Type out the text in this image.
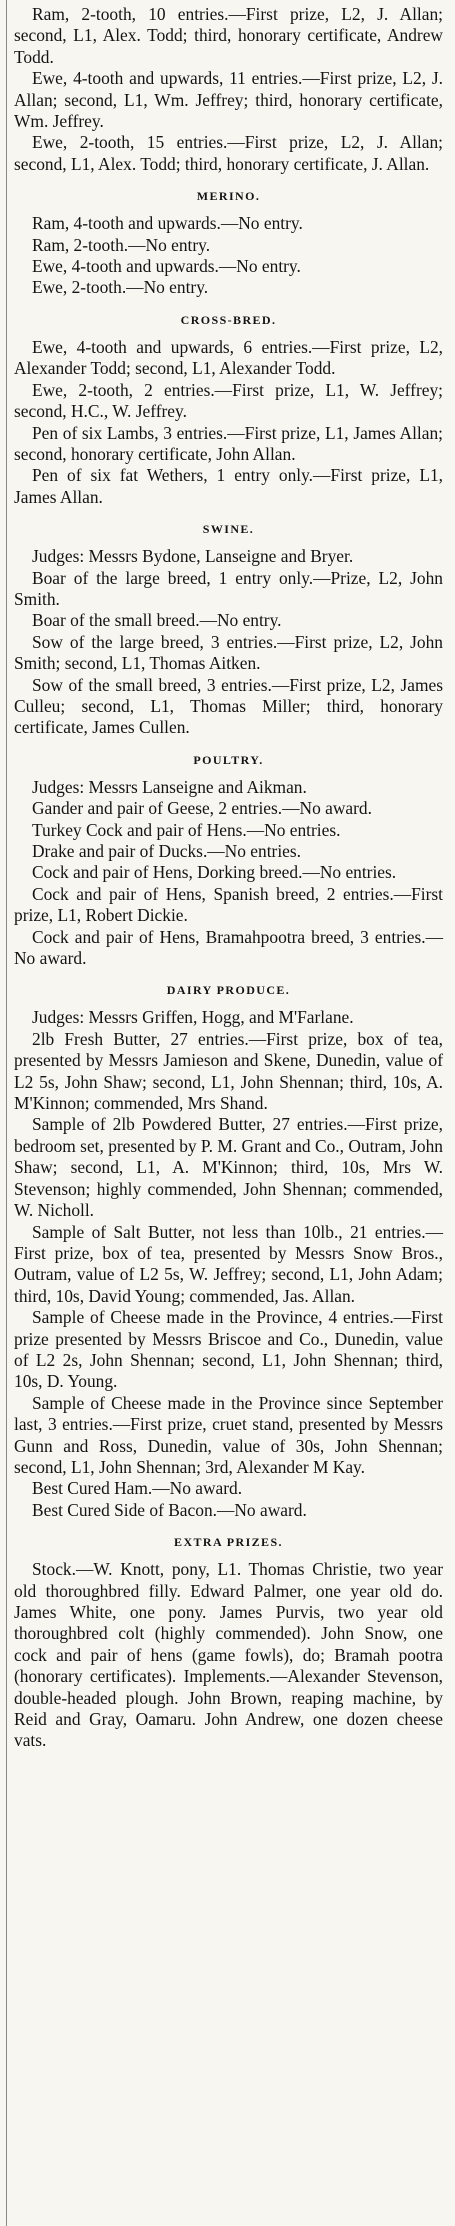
Ram, 2-tooth, 10 entries.—First prize, L2, J. Allan; second, L1, Alex. Todd; third, honorary certificate, Andrew Todd.

Ewe, 4-tooth and upwards, 11 entries.—First prize, L2, J. Allan; second, L1, Wm. Jeffrey; third, honorary certificate, Wm. Jeffrey.

Ewe, 2-tooth, 15 entries.—First prize, L2, J. Allan; second, L1, Alex. Todd; third, honorary certificate, J. Allan.

MERINO.

Ram, 4-tooth and upwards.—No entry.

Ram, 2-tooth.—No entry.

Ewe, 4-tooth and upwards.—No entry.

Ewe, 2-tooth.—No entry.

CROSS-BRED.

Ewe, 4-tooth and upwards, 6 entries.—First prize, L2, Alexander Todd; second, L1, Alexander Todd.

Ewe, 2-tooth, 2 entries.—First prize, L1, W. Jeffrey; second, H.C., W. Jeffrey.

Pen of six Lambs, 3 entries.—First prize, L1, James Allan; second, honorary certificate, John Allan.

Pen of six fat Wethers, 1 entry only.—First prize, L1, James Allan.

SWINE.

Judges: Messrs Bydone, Lanseigne and Bryer.

Boar of the large breed, 1 entry only.—Prize, L2, John Smith.

Boar of the small breed.—No entry.

Sow of the large breed, 3 entries.—First prize, L2, John Smith; second, L1, Thomas Aitken.

Sow of the small breed, 3 entries.—First prize, L2, James Culleu; second, L1, Thomas Miller; third, honorary certificate, James Cullen.

POULTRY.

Judges: Messrs Lanseigne and Aikman.

Gander and pair of Geese, 2 entries.—No award.

Turkey Cock and pair of Hens.—No entries.

Drake and pair of Ducks.—No entries.

Cock and pair of Hens, Dorking breed.—No entries.

Cock and pair of Hens, Spanish breed, 2 entries.—First prize, L1, Robert Dickie.

Cock and pair of Hens, Bramahpootra breed, 3 entries.—No award.

DAIRY PRODUCE.

Judges: Messrs Griffen, Hogg, and M'Farlane.

2lb Fresh Butter, 27 entries.—First prize, box of tea, presented by Messrs Jamieson and Skene, Dunedin, value of L2 5s, John Shaw; second, L1, John Shennan; third, 10s, A. M'Kinnon; commended, Mrs Shand.

Sample of 2lb Powdered Butter, 27 entries.—First prize, bedroom set, presented by P. M. Grant and Co., Outram, John Shaw; second, L1, A. M'Kinnon; third, 10s, Mrs W. Stevenson; highly commended, John Shennan; commended, W. Nicholl.

Sample of Salt Butter, not less than 10lb., 21 entries.—First prize, box of tea, presented by Messrs Snow Bros., Outram, value of L2 5s, W. Jeffrey; second, L1, John Adam; third, 10s, David Young; commended, Jas. Allan.

Sample of Cheese made in the Province, 4 entries.—First prize presented by Messrs Briscoe and Co., Dunedin, value of L2 2s, John Shennan; second, L1, John Shennan; third, 10s, D. Young.

Sample of Cheese made in the Province since September last, 3 entries.—First prize, cruet stand, presented by Messrs Gunn and Ross, Dunedin, value of 30s, John Shennan; second, L1, John Shennan; 3rd, Alexander M Kay.

Best Cured Ham.—No award.

Best Cured Side of Bacon.—No award.

EXTRA PRIZES.

Stock.—W. Knott, pony, L1. Thomas Christie, two year old thoroughbred filly. Edward Palmer, one year old do. James White, one pony. James Purvis, two year old thoroughbred colt (highly commended). John Snow, one cock and pair of hens (game fowls), do; Bramah pootra (honorary certificates). Implements.—Alexander Stevenson, double-headed plough. John Brown, reaping machine, by Reid and Gray, Oamaru. John Andrew, one dozen cheese vats.
